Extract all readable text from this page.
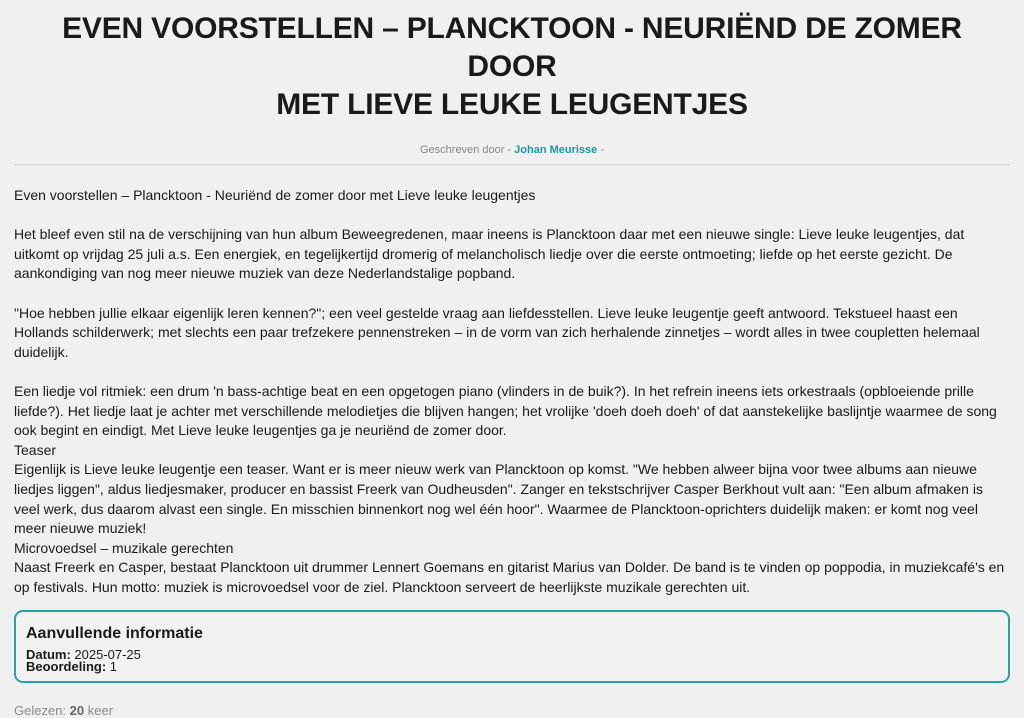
EVEN VOORSTELLEN – PLANCKTOON - NEURIËND DE ZOMER DOOR
MET LIEVE LEUKE LEUGENTJES
Geschreven door - Johan Meurisse -

Even voorstellen – Plancktoon - Neuriënd de zomer door met Lieve leuke leugentjes

Het bleef even stil na de verschijning van hun album Beweegredenen, maar ineens is Plancktoon daar met een nieuwe single: Lieve leuke leugentjes, dat uitkomt op vrijdag 25 juli a.s. Een energiek, en tegelijkertijd dromerig of melancholisch liedje over die eerste ontmoeting; liefde op het eerste gezicht. De aankondiging van nog meer nieuwe muziek van deze Nederlandstalige popband.

"Hoe hebben jullie elkaar eigenlijk leren kennen?"; een veel gestelde vraag aan liefdesstellen. Lieve leuke leugentje geeft antwoord. Tekstueel haast een Hollands schilderwerk; met slechts een paar trefzekere pennenstreken – in de vorm van zich herhalende zinnetjes – wordt alles in twee coupletten helemaal duidelijk.

Een liedje vol ritmiek: een drum 'n bass-achtige beat en een opgetogen piano (vlinders in de buik?). In het refrein ineens iets orkestraals (opbloeiende prille liefde?). Het liedje laat je achter met verschillende melodietjes die blijven hangen; het vrolijke 'doeh doeh doeh' of dat aanstekelijke baslijntje waarmee de song ook begint en eindigt. Met Lieve leuke leugentjes ga je neuriënd de zomer door.

Teaser

Eigenlijk is Lieve leuke leugentje een teaser. Want er is meer nieuw werk van Plancktoon op komst. "We hebben alweer bijna voor twee albums aan nieuwe liedjes liggen", aldus liedjesmaker, producer en bassist Freerk van Oudheusden". Zanger en tekstschrijver Casper Berkhout vult aan: "Een album afmaken is veel werk, dus daarom alvast een single. En misschien binnenkort nog wel één hoor". Waarmee de Plancktoon-oprichters duidelijk maken: er komt nog veel meer nieuwe muziek!

Microvoedsel – muzikale gerechten

Naast Freerk en Casper, bestaat Plancktoon uit drummer Lennert Goemans en gitarist Marius van Dolder. De band is te vinden op poppodia, in muziekcafé's en op festivals. Hun motto: muziek is microvoedsel voor de ziel. Plancktoon serveert de heerlijkste muzikale gerechten uit.

Aanvullende informatie
Datum: 2025-07-25
Beoordeling: 1
Gelezen: 20 keer
